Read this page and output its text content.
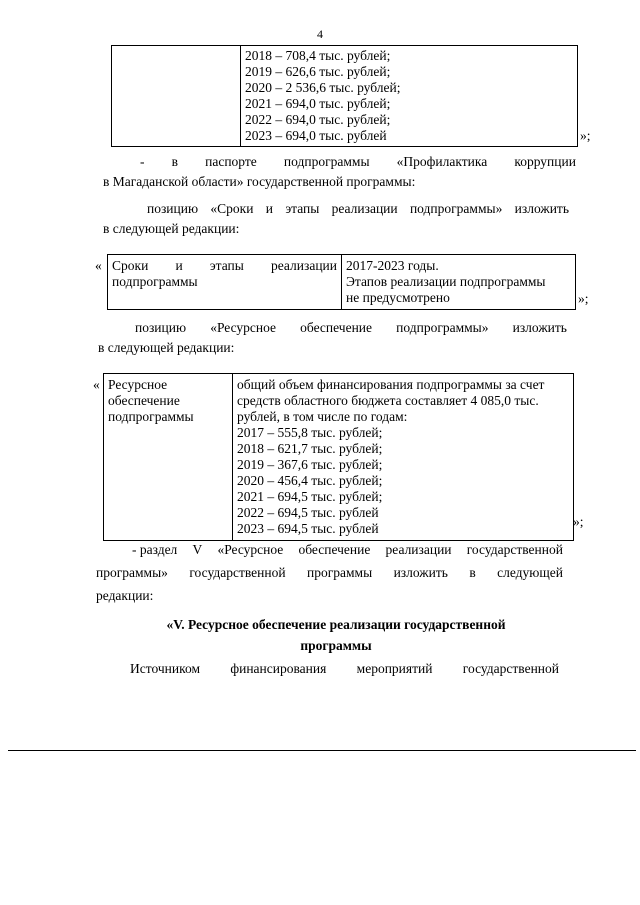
4

2018 – 708,4 тыс. рублей;
2019 – 626,6 тыс. рублей;
2020 – 2 536,6 тыс. рублей;
2021 – 694,0 тыс. рублей;
2022 – 694,0 тыс. рублей;
2023 – 694,0 тыс. рублей	»;
- в паспорте подпрограммы «Профилактика коррупции
в Магаданской области» государственной программы:
позицию «Сроки и этапы реализации подпрограммы» изложить
в следующей редакции:
« Сроки и этапы реализации
подпрограммы

2017-2023 годы.
Этапов реализации подпрограммы
не предусмотрено	»;
позицию «Ресурсное обеспечение подпрограммы» изложить
в следующей редакции:
« Ресурсное
обеспечение
подпрограммы

общий объем финансирования подпрограммы за счет
средств областного бюджета составляет 4 085,0 тыс.
рублей, в том числе по годам:
2017 – 555,8 тыс. рублей;
2018 – 621,7 тыс. рублей;
2019 – 367,6 тыс. рублей;
2020 – 456,4 тыс. рублей;
2021 – 694,5 тыс. рублей;
2022 – 694,5 тыс. рублей
2023 – 694,5 тыс. рублей	»;
- раздел V «Ресурсное обеспечение реализации государственной
программы» государственной программы изложить в следующей
редакции:
«V. Ресурсное обеспечение реализации государственной
программы
Источником финансирования мероприятий государственной
